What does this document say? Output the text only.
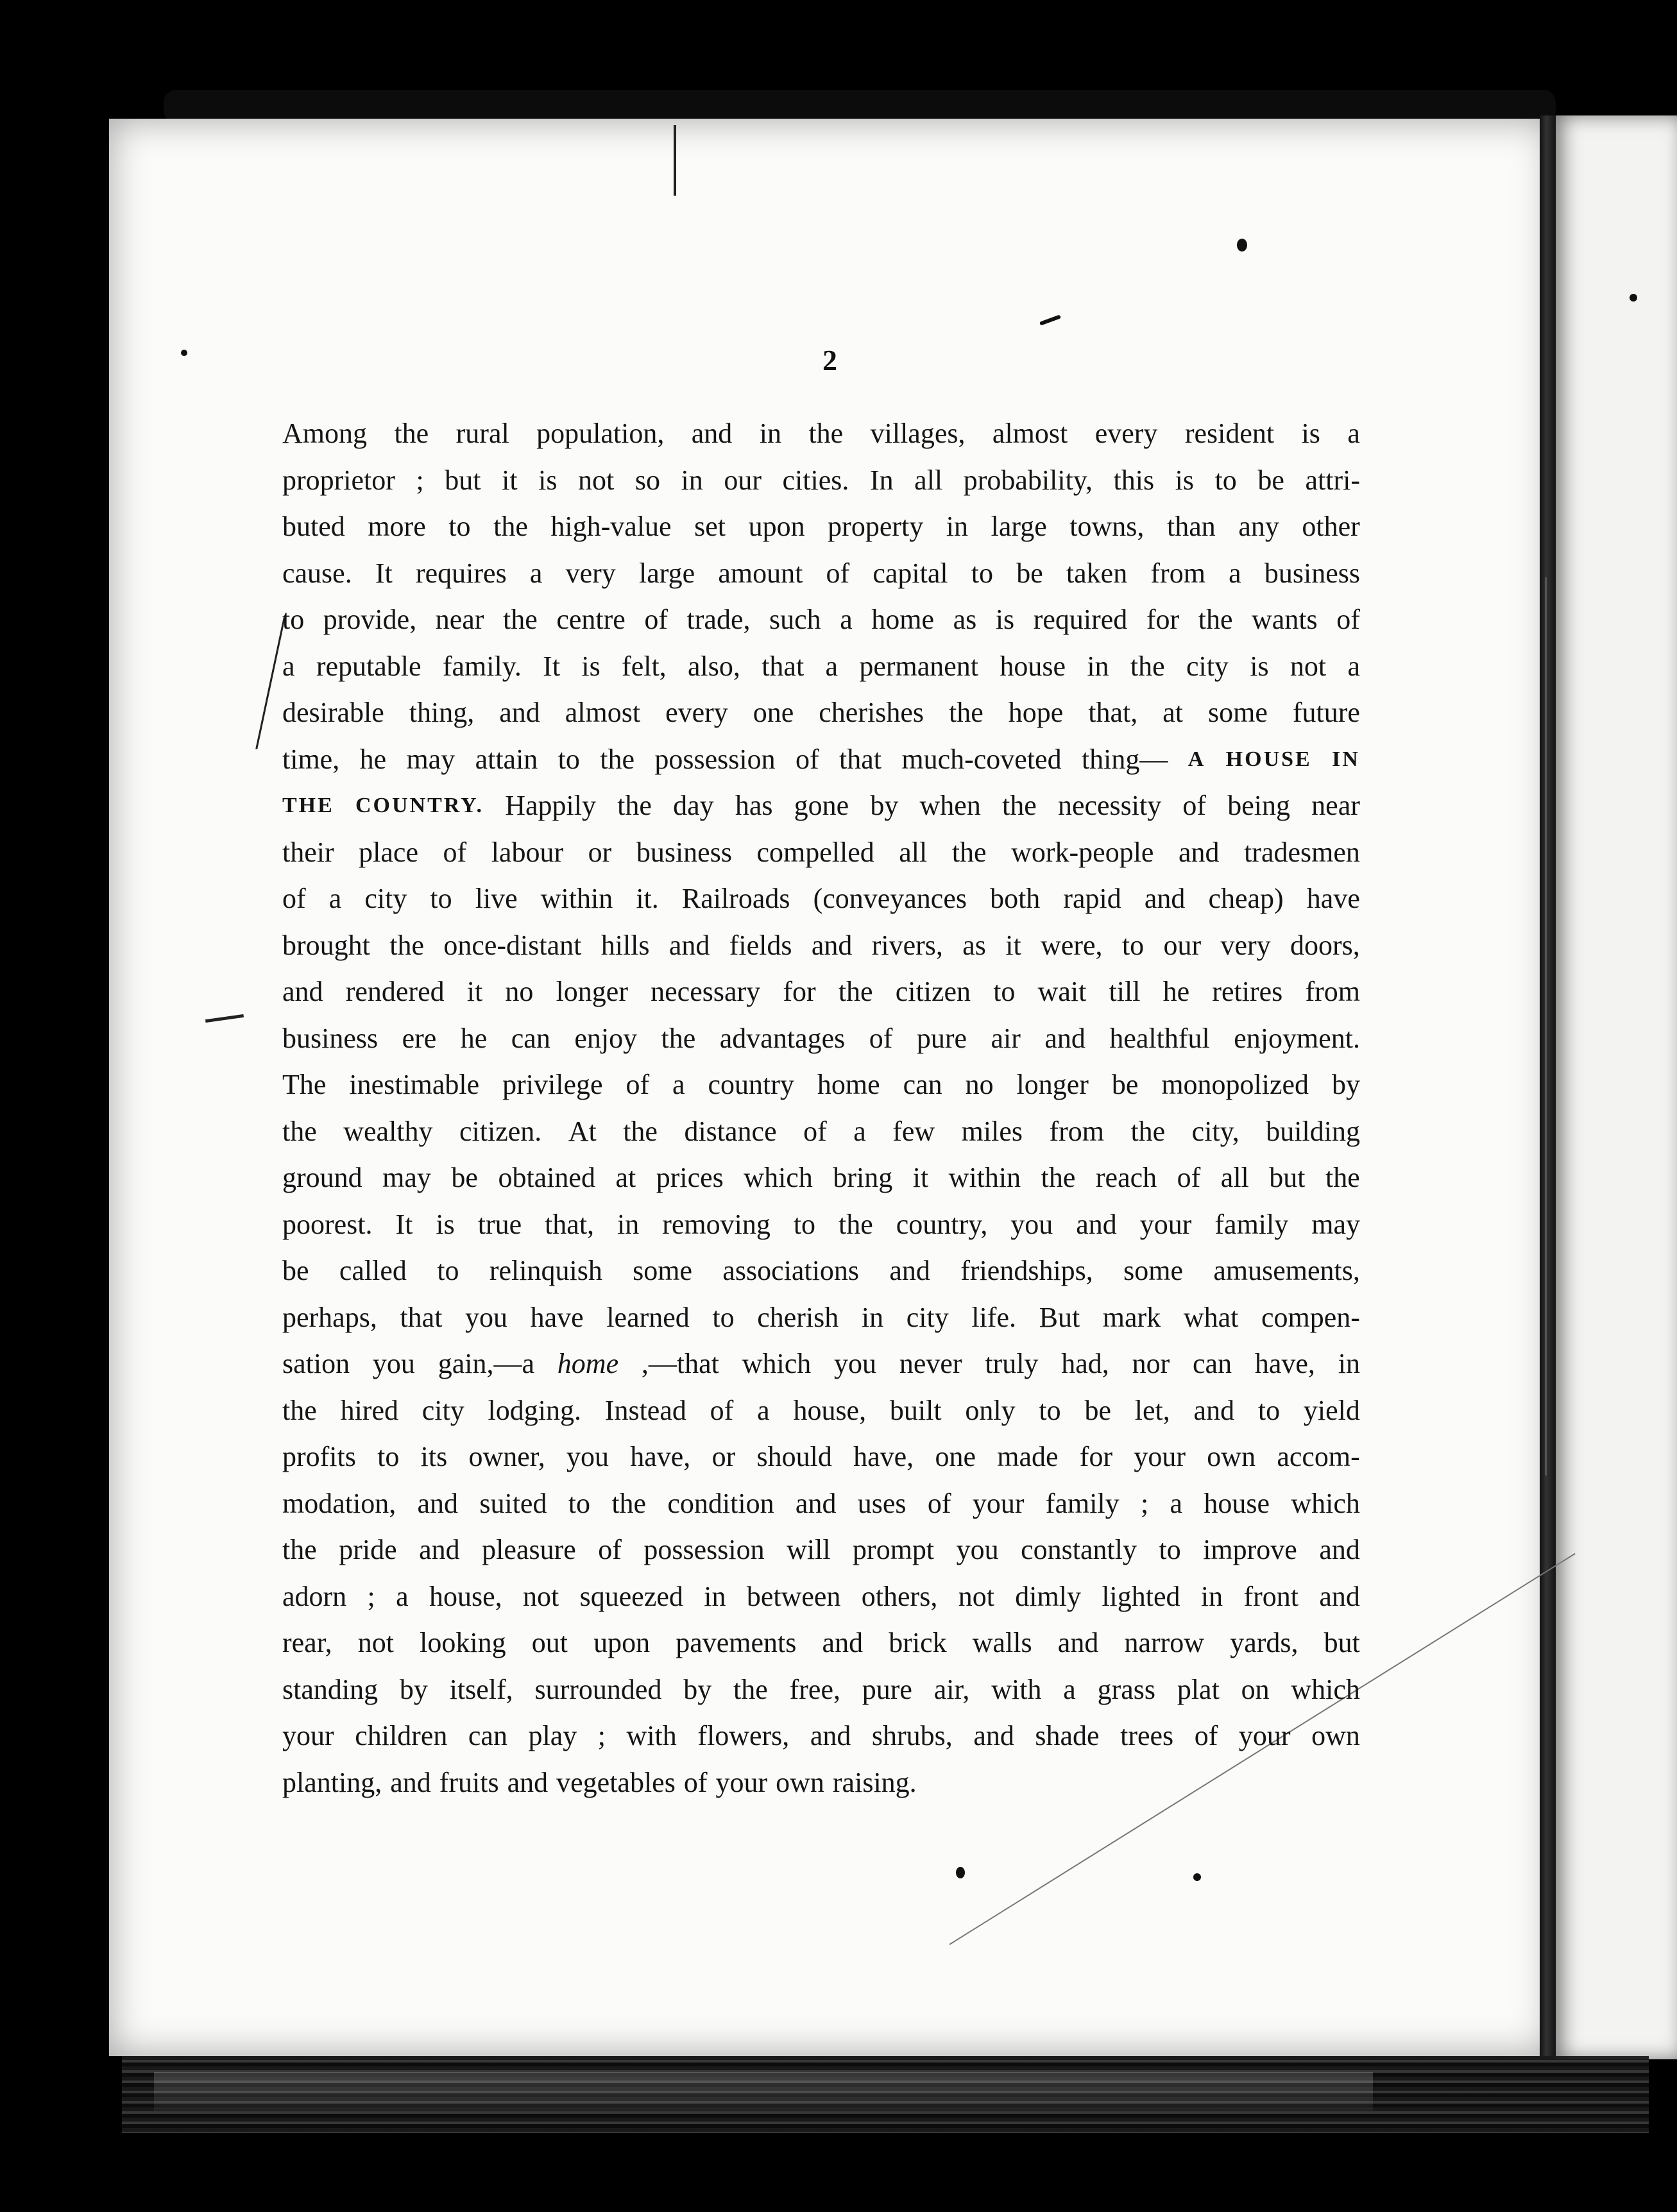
2
Among the rural population, and in the villages, almost every resident is a
proprietor ; but it is not so in our cities. In all probability, this is to be attri-
buted more to the high-value set upon property in large towns, than any other
cause. It requires a very large amount of capital to be taken from a business
to provide, near the centre of trade, such a home as is required for the wants of
a reputable family. It is felt, also, that a permanent house in the city is not a
desirable thing, and almost every one cherishes the hope that, at some future
time, he may attain to the possession of that much-coveted thing— A HOUSE IN
THE COUNTRY. Happily the day has gone by when the necessity of being near
their place of labour or business compelled all the work-people and tradesmen
of a city to live within it. Railroads (conveyances both rapid and cheap) have
brought the once-distant hills and fields and rivers, as it were, to our very doors,
and rendered it no longer necessary for the citizen to wait till he retires from
business ere he can enjoy the advantages of pure air and healthful enjoyment.
The inestimable privilege of a country home can no longer be monopolized by
the wealthy citizen. At the distance of a few miles from the city, building
ground may be obtained at prices which bring it within the reach of all but the
poorest. It is true that, in removing to the country, you and your family may
be called to relinquish some associations and friendships, some amusements,
perhaps, that you have learned to cherish in city life. But mark what compen-
sation you gain,—a home ,—that which you never truly had, nor can have, in
the hired city lodging. Instead of a house, built only to be let, and to yield
profits to its owner, you have, or should have, one made for your own accom-
modation, and suited to the condition and uses of your family ; a house which
the pride and pleasure of possession will prompt you constantly to improve and
adorn ; a house, not squeezed in between others, not dimly lighted in front and
rear, not looking out upon pavements and brick walls and narrow yards, but
standing by itself, surrounded by the free, pure air, with a grass plat on which
your children can play ; with flowers, and shrubs, and shade trees of your own
planting, and fruits and vegetables of your own raising.
